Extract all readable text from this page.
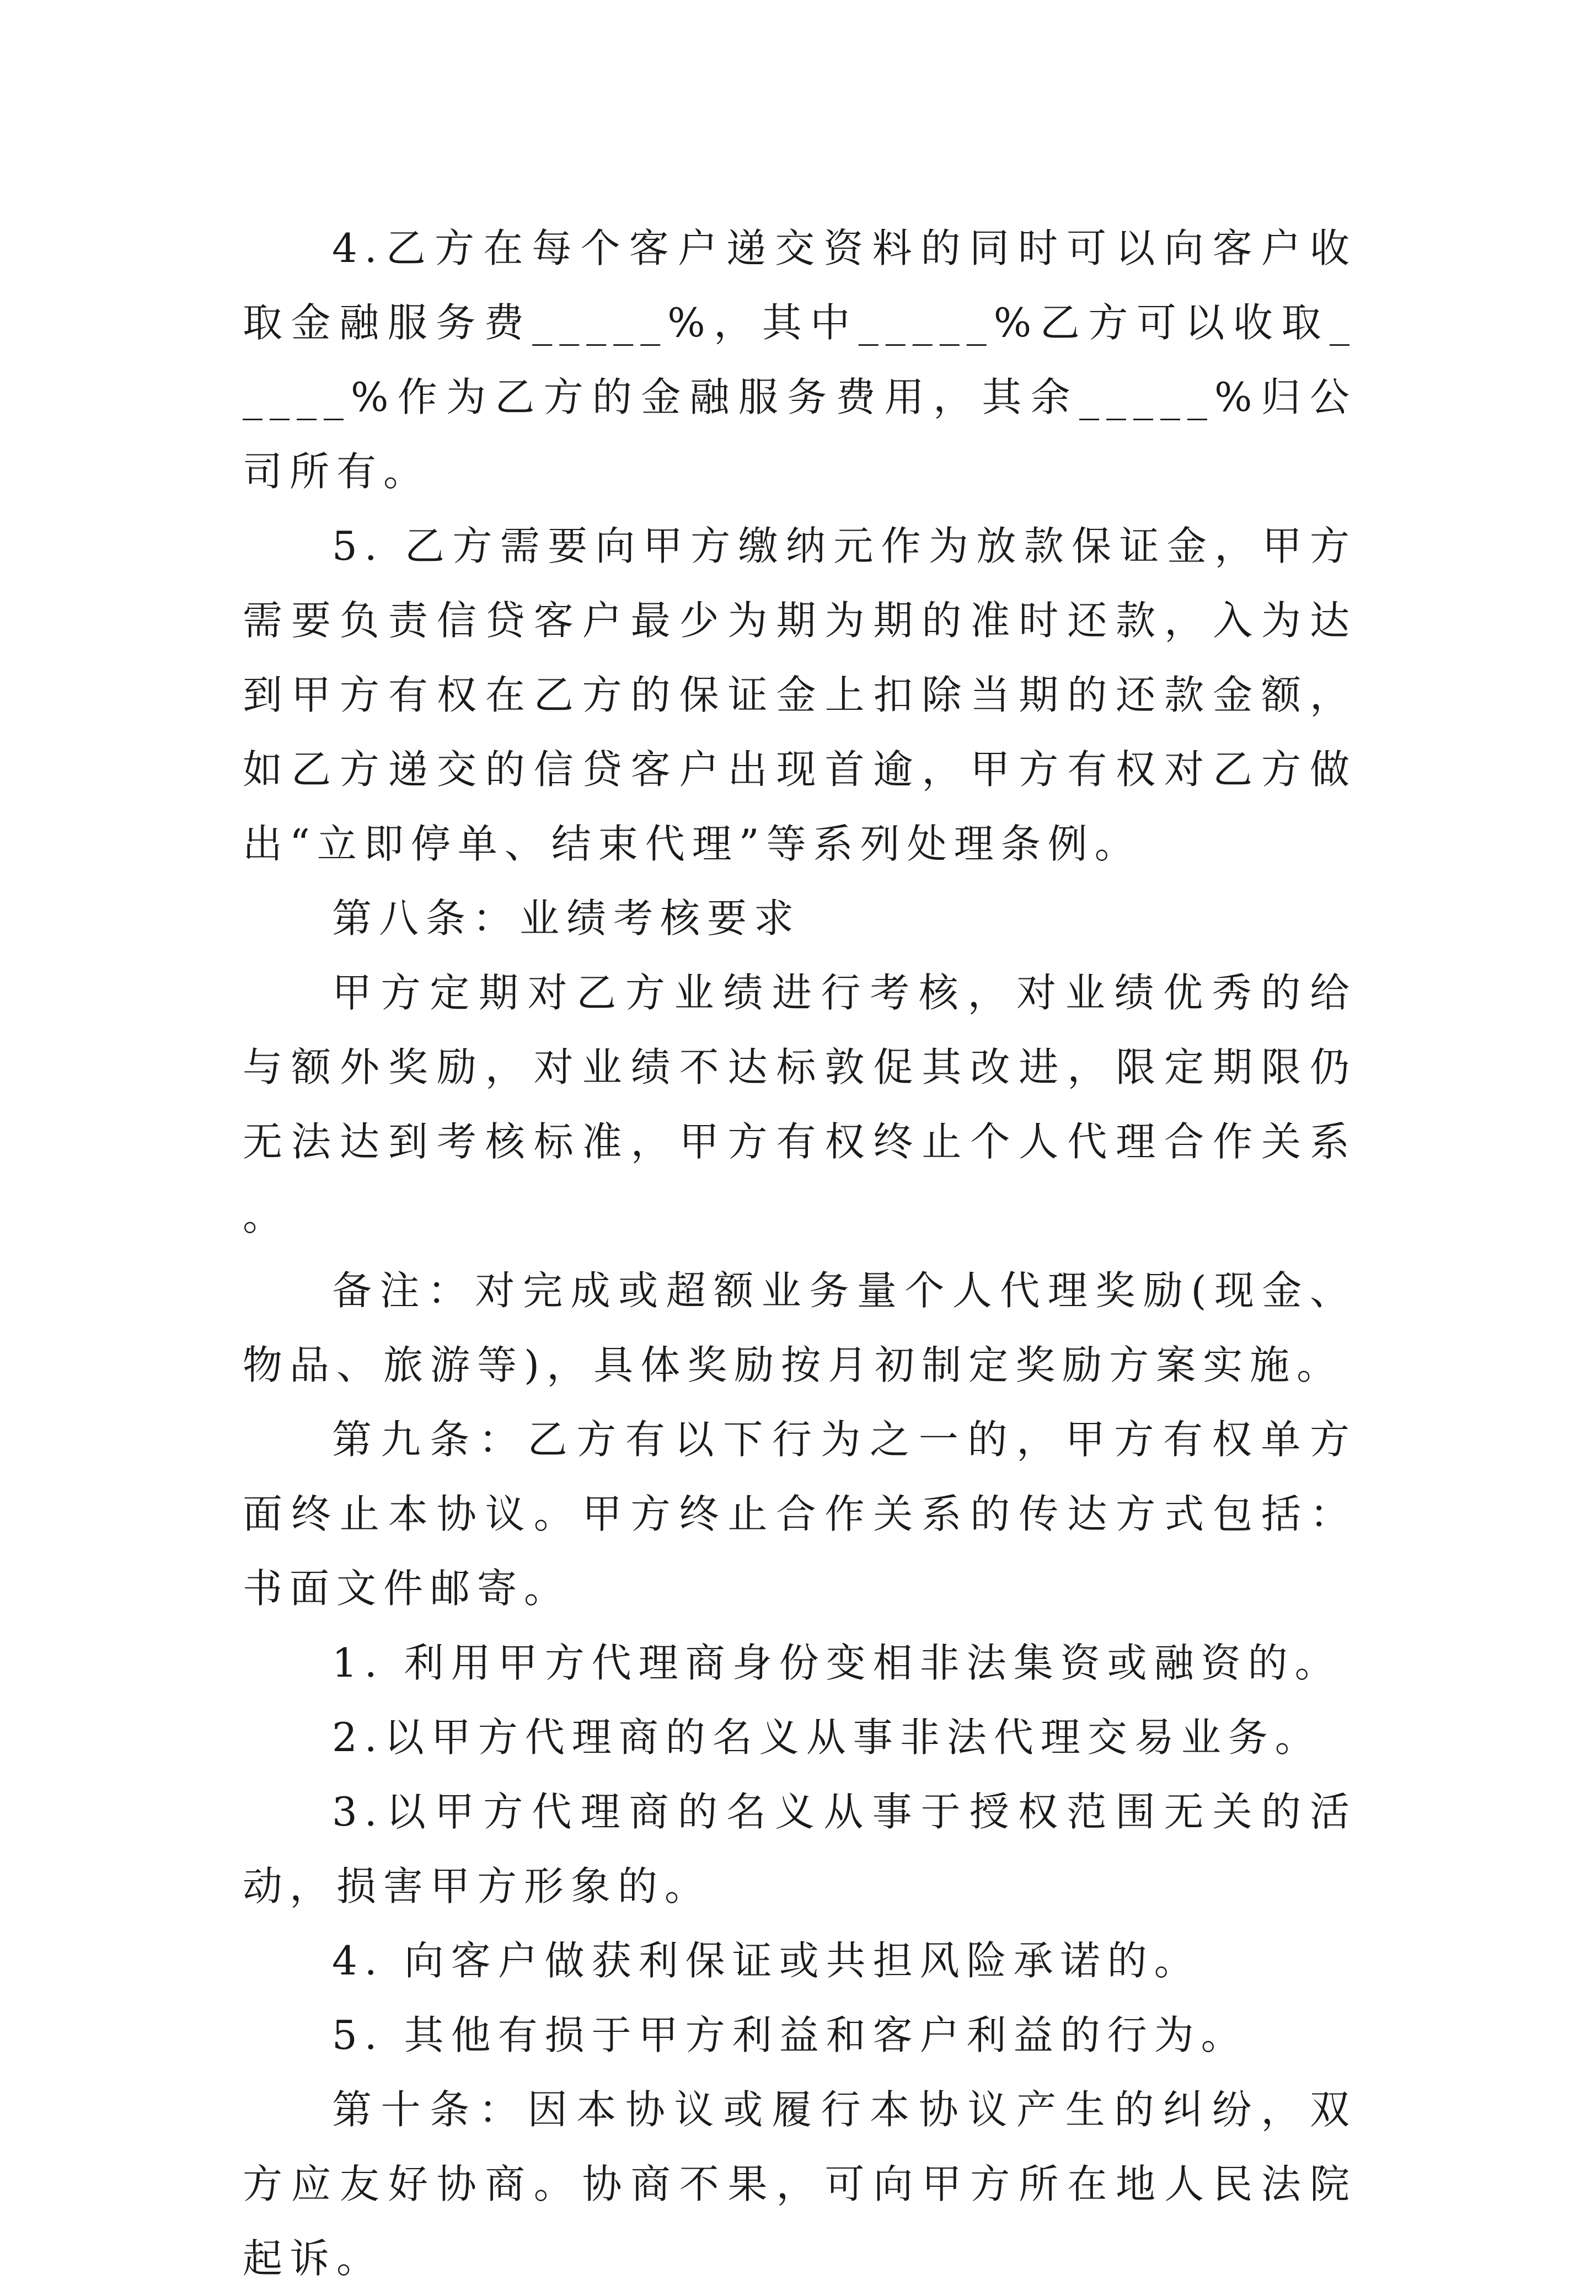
4.乙方在每个客户递交资料的同时可以向客户收取金融服务费_____%，其中_____%乙方可以收取_____%作为乙方的金融服务费用，其余_____%归公司所有。

5. 乙方需要向甲方缴纳元作为放款保证金，甲方需要负责信贷客户最少为期为期的准时还款，入为达到甲方有权在乙方的保证金上扣除当期的还款金额，如乙方递交的信贷客户出现首逾，甲方有权对乙方做出“立即停单、结束代理”等系列处理条例。

第八条：业绩考核要求

甲方定期对乙方业绩进行考核，对业绩优秀的给与额外奖励，对业绩不达标敦促其改进，限定期限仍无法达到考核标准，甲方有权终止个人代理合作关系。

备注：对完成或超额业务量个人代理奖励(现金、物品、旅游等)，具体奖励按月初制定奖励方案实施。

第九条：乙方有以下行为之一的，甲方有权单方面终止本协议。甲方终止合作关系的传达方式包括：书面文件邮寄。

1. 利用甲方代理商身份变相非法集资或融资的。

2.以甲方代理商的名义从事非法代理交易业务。

3.以甲方代理商的名义从事于授权范围无关的活动，损害甲方形象的。

4. 向客户做获利保证或共担风险承诺的。

5. 其他有损于甲方利益和客户利益的行为。

第十条：因本协议或履行本协议产生的纠纷，双方应友好协商。协商不果，可向甲方所在地人民法院起诉。
